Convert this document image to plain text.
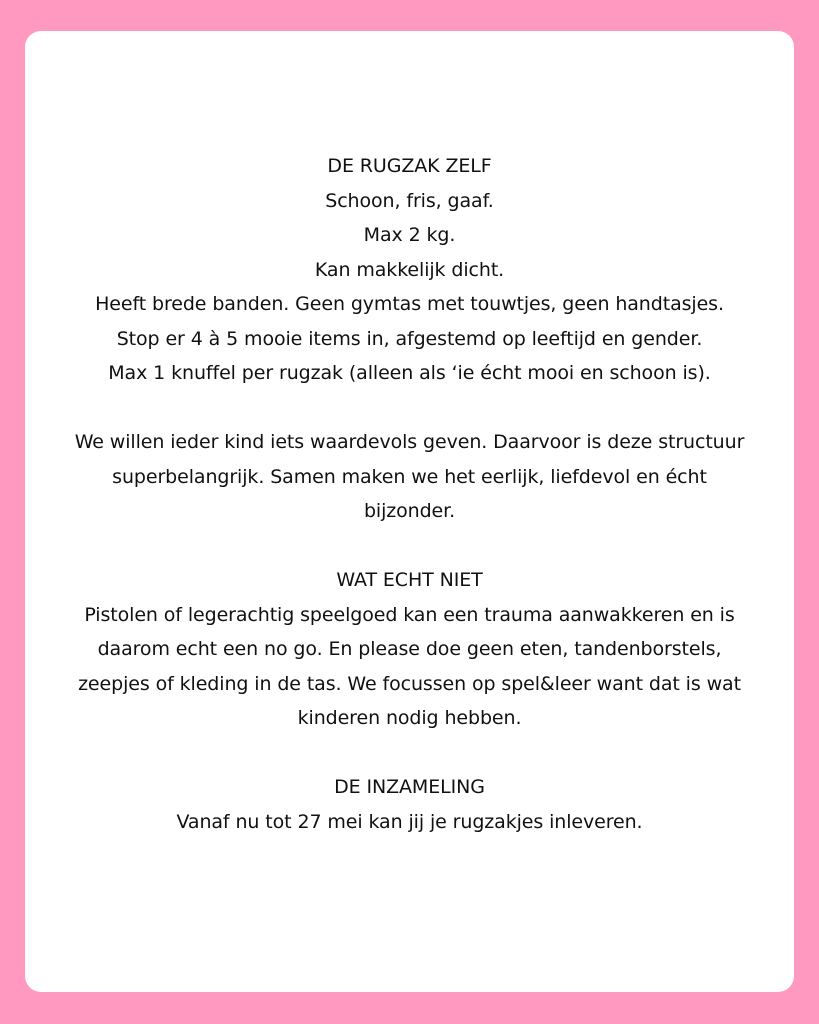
DE RUGZAK ZELF

Schoon, fris, gaaf.

Max 2 kg.

Kan makkelijk dicht.

Heeft brede banden. Geen gymtas met touwtjes, geen handtasjes.

Stop er 4 à 5 mooie items in, afgestemd op leeftijd en gender.

Max 1 knuffel per rugzak (alleen als ‘ie écht mooi en schoon is).

We willen ieder kind iets waardevols geven. Daarvoor is deze structuur

superbelangrijk. Samen maken we het eerlijk, liefdevol en écht

bijzonder.

WAT ECHT NIET

Pistolen of legerachtig speelgoed kan een trauma aanwakkeren en is

daarom echt een no go. En please doe geen eten, tandenborstels,

zeepjes of kleding in de tas. We focussen op spel&leer want dat is wat

kinderen nodig hebben.

DE INZAMELING

Vanaf nu tot 27 mei kan jij je rugzakjes inleveren.
